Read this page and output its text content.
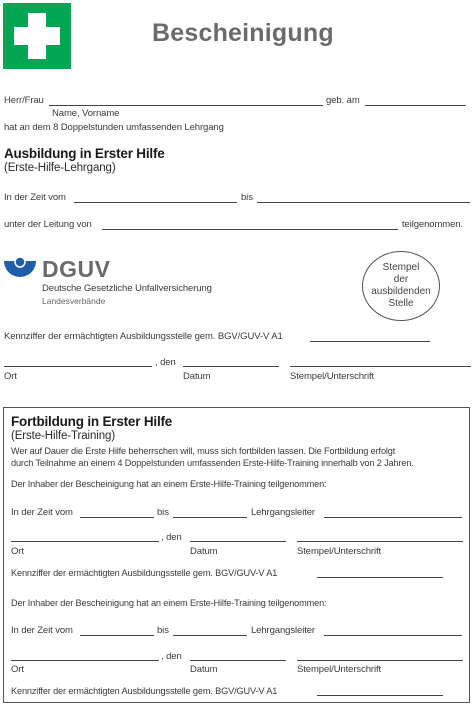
Bescheinigung
Herr/Frau	geb. am
Name, Vorname
hat an dem 8 Doppelstunden umfassenden Lehrgang
Ausbildung in Erster Hilfe
(Erste-Hilfe-Lehrgang)
In der Zeit vom	bis
unter der Leitung von	teilgenommen.
DGUV
Deutsche Gesetzliche Unfallversicherung
Landesverbände
Stempel
der
ausbildenden
Stelle
Kennziffer der ermächtigten Ausbildungsstelle gem. BGV/GUV-V A1
, den
Ort	Datum	Stempel/Unterschrift
Fortbildung in Erster Hilfe
(Erste-Hilfe-Training)
Wer auf Dauer die Erste Hilfe beherrschen will, muss sich fortbilden lassen. Die Fortbildung erfolgt
durch Teilnahme an einem 4 Doppelstunden umfassenden Erste-Hilfe-Training innerhalb von 2 Jahren.
Der Inhaber der Bescheinigung hat an einem Erste-Hilfe-Training teilgenommen:
In der Zeit vom	bis	Lehrgangsleiter
, den
Ort	Datum	Stempel/Unterschrift
Kennziffer der ermächtigten Ausbildungsstelle gem. BGV/GUV-V A1
Der Inhaber der Bescheinigung hat an einem Erste-Hilfe-Training teilgenommen:
In der Zeit vom	bis	Lehrgangsleiter
, den
Ort	Datum	Stempel/Unterschrift
Kennziffer der ermächtigten Ausbildungsstelle gem. BGV/GUV-V A1
